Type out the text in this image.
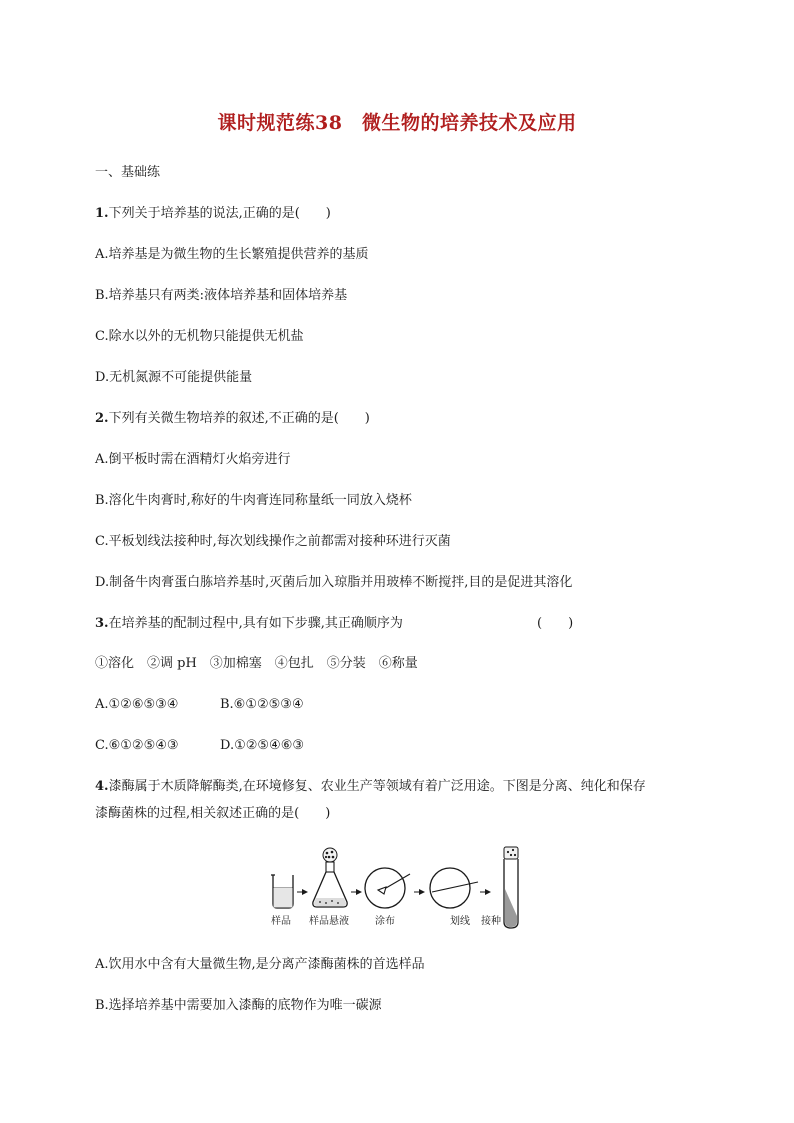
课时规范练38　微生物的培养技术及应用
一、基础练
1.下列关于培养基的说法,正确的是(　　)
A.培养基是为微生物的生长繁殖提供营养的基质
B.培养基只有两类:液体培养基和固体培养基
C.除水以外的无机物只能提供无机盐
D.无机氮源不可能提供能量
2.下列有关微生物培养的叙述,不正确的是(　　)
A.倒平板时需在酒精灯火焰旁进行
B.溶化牛肉膏时,称好的牛肉膏连同称量纸一同放入烧杯
C.平板划线法接种时,每次划线操作之前都需对接种环进行灭菌
D.制备牛肉膏蛋白胨培养基时,灭菌后加入琼脂并用玻棒不断搅拌,目的是促进其溶化
3.在培养基的配制过程中,具有如下步骤,其正确顺序为	(　　)
①溶化　②调 pH　③加棉塞　④包扎　⑤分装　⑥称量
A.①②⑥⑤③④	B.⑥①②⑤③④
C.⑥①②⑤④③	D.①②⑤④⑥③
4.漆酶属于木质降解酶类,在环境修复、农业生产等领域有着广泛用途。下图是分离、纯化和保存
漆酶菌株的过程,相关叙述正确的是(　　)
样品 样品悬液	涂布	划线 接种
A.饮用水中含有大量微生物,是分离产漆酶菌株的首选样品
B.选择培养基中需要加入漆酶的底物作为唯一碳源
